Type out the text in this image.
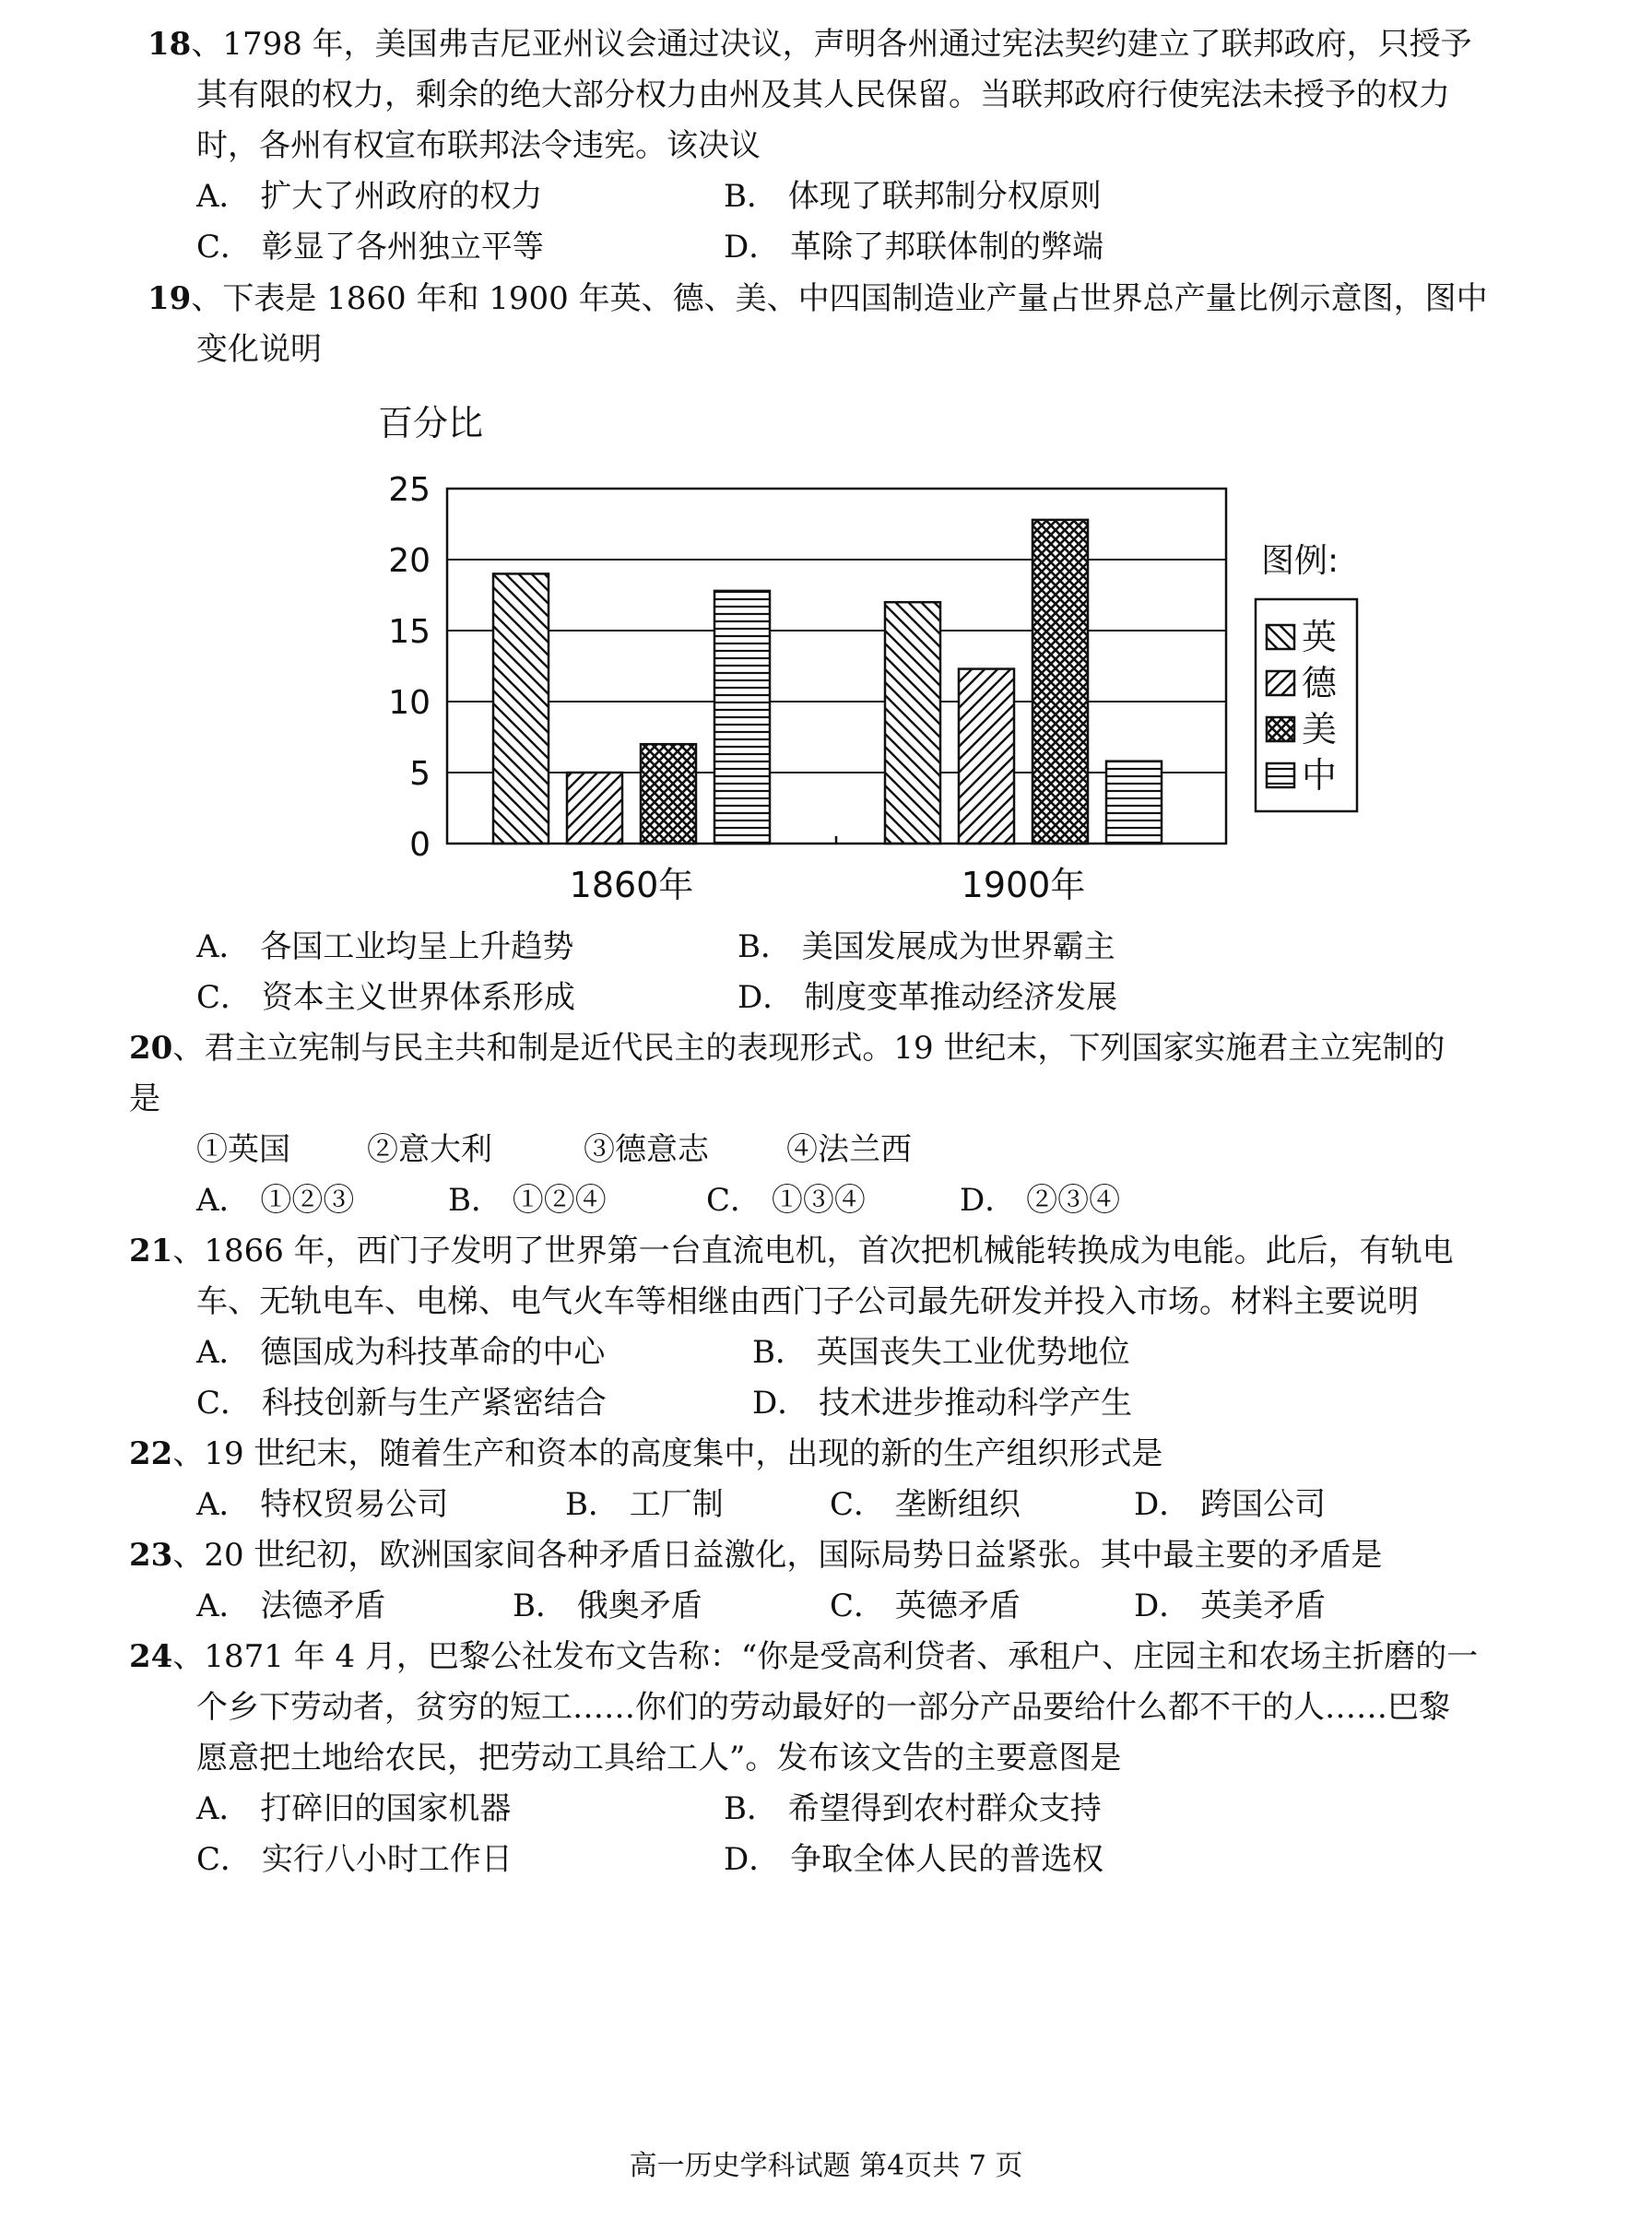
18、1798 年，美国弗吉尼亚州议会通过决议，声明各州通过宪法契约建立了联邦政府，只授予
其有限的权力，剩余的绝大部分权力由州及其人民保留。当联邦政府行使宪法未授予的权力
时，各州有权宣布联邦法令违宪。该决议
A． 扩大了州政府的权力	B． 体现了联邦制分权原则
C． 彰显了各州独立平等	D． 革除了邦联体制的弊端
19、下表是 1860 年和 1900 年英、德、美、中四国制造业产量占世界总产量比例示意图，图中
变化说明
百分比
0
5
10
15
20
25
1860年	1900年
图例:
英
德
美
中
A． 各国工业均呈上升趋势	B． 美国发展成为世界霸主
C． 资本主义世界体系形成	D． 制度变革推动经济发展
20、君主立宪制与民主共和制是近代民主的表现形式。19 世纪末，下列国家实施君主立宪制的
是
①英国 ②意大利	③德意志 ④法兰西
A． ①②③	B． ①②④	C． ①③④	D． ②③④
21、1866 年，西门子发明了世界第一台直流电机，首次把机械能转换成为电能。此后，有轨电
车、无轨电车、电梯、电气火车等相继由西门子公司最先研发并投入市场。材料主要说明
A． 德国成为科技革命的中心	B． 英国丧失工业优势地位
C． 科技创新与生产紧密结合	D． 技术进步推动科学产生
22、19 世纪末，随着生产和资本的高度集中，出现的新的生产组织形式是
A． 特权贸易公司	B． 工厂制	C． 垄断组织	D． 跨国公司
23、20 世纪初，欧洲国家间各种矛盾日益激化，国际局势日益紧张。其中最主要的矛盾是
A． 法德矛盾	B． 俄奥矛盾	C． 英德矛盾	D． 英美矛盾
24、1871 年 4 月，巴黎公社发布文告称：“你是受高利贷者、承租户、庄园主和农场主折磨的一
个乡下劳动者，贫穷的短工……你们的劳动最好的一部分产品要给什么都不干的人……巴黎
愿意把土地给农民，把劳动工具给工人”。发布该文告的主要意图是
A． 打碎旧的国家机器	B． 希望得到农村群众支持
C． 实行八小时工作日	D． 争取全体人民的普选权
高一历史学科试题 第4页共 7 页
